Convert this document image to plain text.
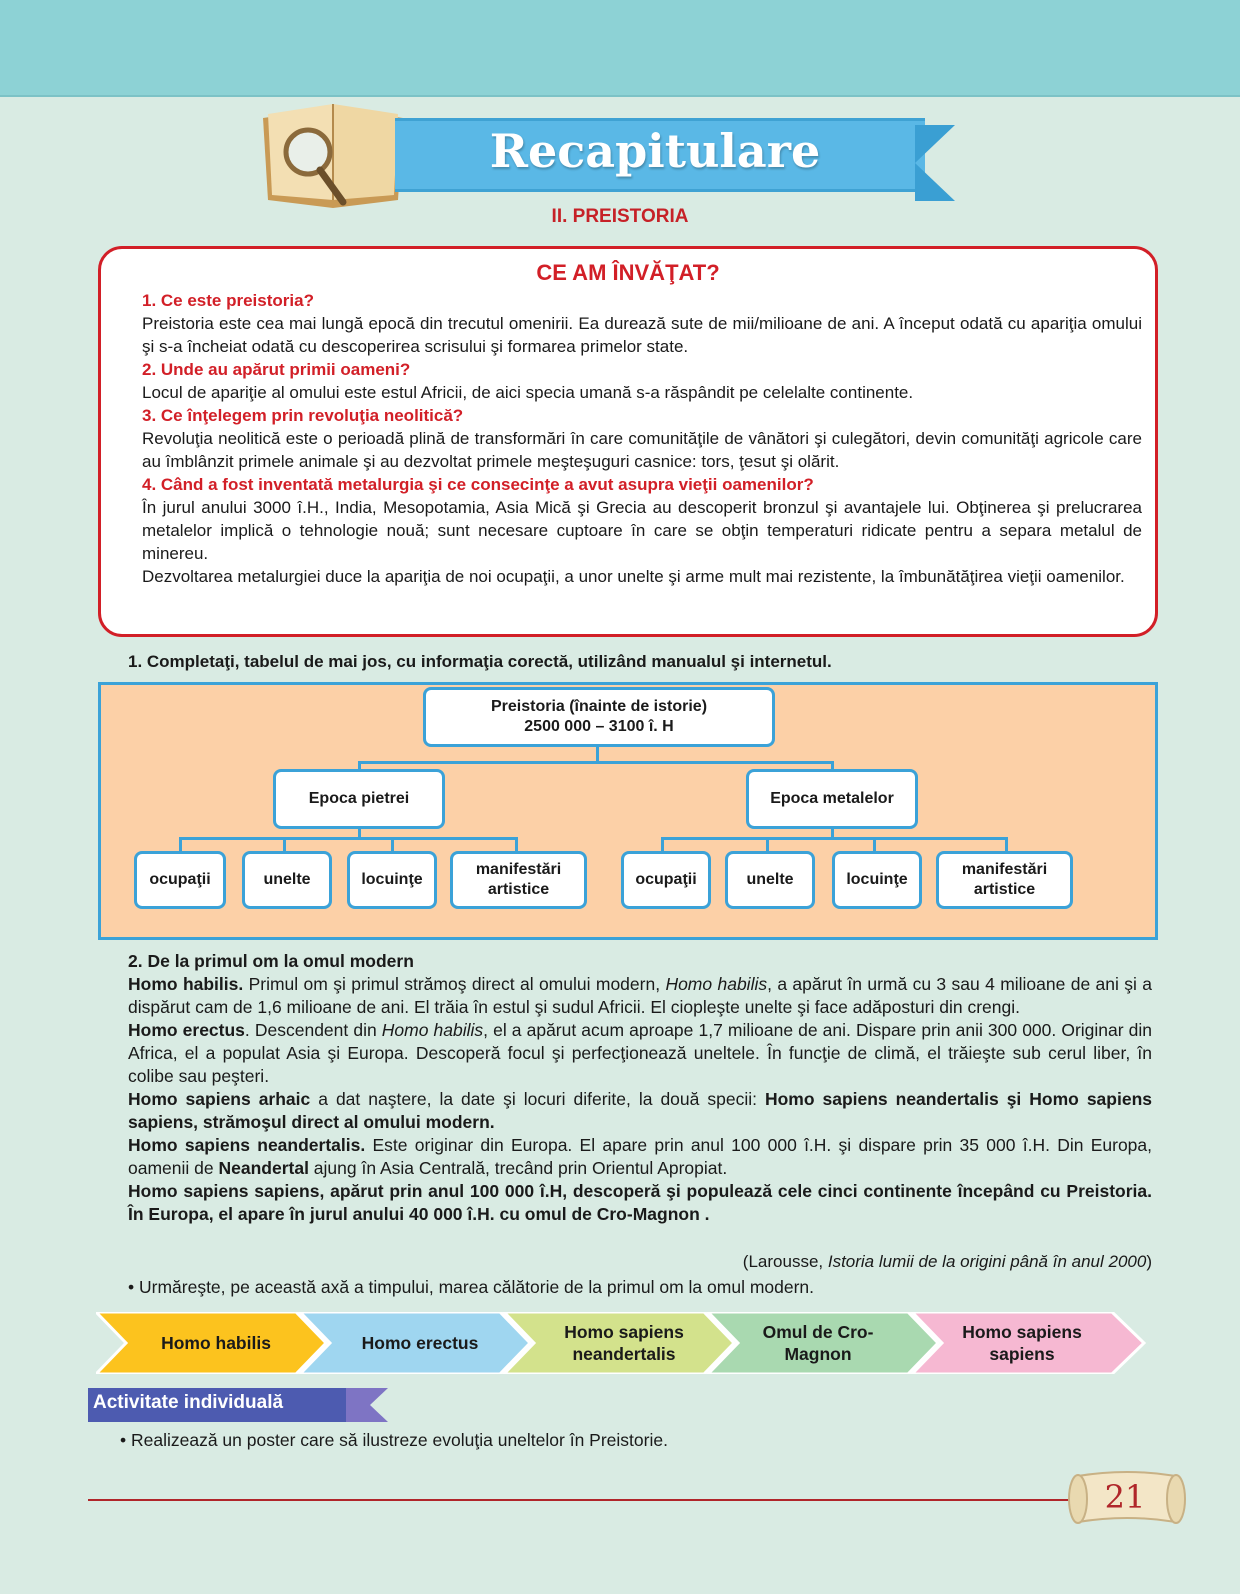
Recapitulare
II. PREISTORIA
CE AM ÎNVĂŢAT?
1. Ce este preistoria?
Preistoria este cea mai lungă epocă din trecutul omenirii. Ea durează sute de mii/milioane de ani. A început odată cu apariţia omului şi s-a încheiat odată cu descoperirea scrisului şi formarea primelor state.
2. Unde au apărut primii oameni?
Locul de apariţie al omului este estul Africii, de aici specia umană s-a răspândit pe celelalte continente.
3. Ce înţelegem prin revoluţia neolitică?
Revoluţia neolitică este o perioadă plină de transformări în care comunităţile de vânători şi culegători, devin comunităţi agricole care au îmblânzit primele animale şi au dezvoltat primele meşteşuguri casnice: tors, ţesut şi olărit.
4. Când a fost inventată metalurgia şi ce consecinţe a avut asupra vieţii oamenilor?
În jurul anului 3000 î.H., India, Mesopotamia, Asia Mică şi Grecia au descoperit bronzul şi avantajele lui. Obţinerea şi prelucrarea metalelor implică o tehnologie nouă; sunt necesare cuptoare în care se obţin temperaturi ridicate pentru a separa metalul de minereu.
Dezvoltarea metalurgiei duce la apariţia de noi ocupaţii, a unor unelte şi arme mult mai rezistente, la îmbunătăţirea vieţii oamenilor.
1. Completaţi, tabelul de mai jos, cu informaţia corectă, utilizând manualul şi internetul.
Preistoria (înainte de istorie)
2500 000 – 3100 î. H
Epoca pietrei	Epoca metalelor
ocupaţii	unelte	locuinţe
manifestări artistice
ocupaţii	unelte	locuinţe
manifestări artistice
2. De la primul om la omul modern
Homo habilis. Primul om şi primul strămoş direct al omului modern, Homo habilis, a apărut în urmă cu 3 sau 4 milioane de ani şi a dispărut cam de 1,6 milioane de ani. El trăia în estul şi sudul Africii. El ciopleşte unelte şi face adăposturi din crengi.
Homo erectus. Descendent din Homo habilis, el a apărut acum aproape 1,7 milioane de ani. Dispare prin anii 300 000. Originar din Africa, el a populat Asia şi Europa. Descoperă focul şi perfecţionează uneltele. În funcţie de climă, el trăieşte sub cerul liber, în colibe sau peşteri.
Homo sapiens arhaic a dat naştere, la date şi locuri diferite, la două specii: Homo sapiens neandertalis şi Homo sapiens sapiens, strămoşul direct al omului modern.
Homo sapiens neandertalis. Este originar din Europa. El apare prin anul 100 000 î.H. şi dispare prin 35 000 î.H. Din Europa, oamenii de Neandertal ajung în Asia Centrală, trecând prin Orientul Apropiat.
Homo sapiens sapiens, apărut prin anul 100 000 î.H, descoperă şi populează cele cinci continente începând cu Preistoria. În Europa, el apare în jurul anului 40 000 î.H. cu omul de Cro-Magnon .
(Larousse, Istoria lumii de la origini până în anul 2000)
• Urmăreşte, pe această axă a timpului, marea călătorie de la primul om la omul modern.
Homo habilis	Homo erectus
Homo sapiens neandertalis
Omul de Cro-Magnon
Homo sapiens sapiens
Activitate individuală
• Realizează un poster care să ilustreze evoluţia uneltelor în Preistorie.
21
